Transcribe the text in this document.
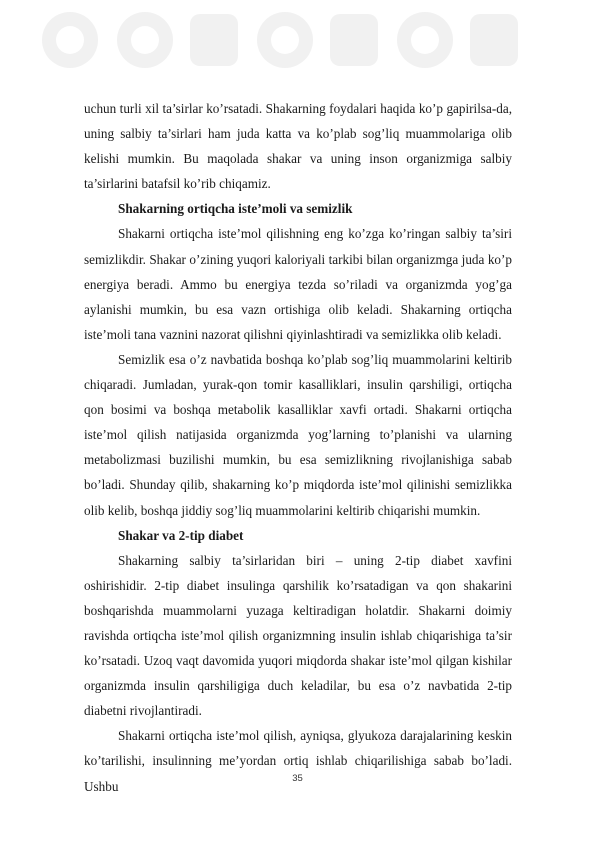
uchun turli xil ta’sirlar ko’rsatadi. Shakarning foydalari haqida ko’p gapirilsa-da, uning salbiy ta’sirlari ham juda katta va ko’plab sog’liq muammolariga olib kelishi mumkin. Bu maqolada shakar va uning inson organizmiga salbiy ta’sirlarini batafsil ko’rib chiqamiz.

Shakarning ortiqcha iste’moli va semizlik

Shakarni ortiqcha iste’mol qilishning eng ko’zga ko’ringan salbiy ta’siri semizlikdir. Shakar o’zining yuqori kaloriyali tarkibi bilan organizmga juda ko’p energiya beradi. Ammo bu energiya tezda so’riladi va organizmda yog’ga aylanishi mumkin, bu esa vazn ortishiga olib keladi. Shakarning ortiqcha iste’moli tana vaznini nazorat qilishni qiyinlashtiradi va semizlikka olib keladi.

Semizlik esa o’z navbatida boshqa ko’plab sog’liq muammolarini keltirib chiqaradi. Jumladan, yurak-qon tomir kasalliklari, insulin qarshiligi, ortiqcha qon bosimi va boshqa metabolik kasalliklar xavfi ortadi. Shakarni ortiqcha iste’mol qilish natijasida organizmda yog’larning to’planishi va ularning metabolizmasi buzilishi mumkin, bu esa semizlikning rivojlanishiga sabab bo’ladi. Shunday qilib, shakarning ko’p miqdorda iste’mol qilinishi semizlikka olib kelib, boshqa jiddiy sog’liq muammolarini keltirib chiqarishi mumkin.

Shakar va 2-tip diabet

Shakarning salbiy ta’sirlaridan biri – uning 2-tip diabet xavfini oshirishidir. 2-tip diabet insulinga qarshilik ko’rsatadigan va qon shakarini boshqarishda muammolarni yuzaga keltiradigan holatdir. Shakarni doimiy ravishda ortiqcha iste’mol qilish organizmning insulin ishlab chiqarishiga ta’sir ko’rsatadi. Uzoq vaqt davomida yuqori miqdorda shakar iste’mol qilgan kishilar organizmda insulin qarshiligiga duch keladilar, bu esa o’z navbatida 2-tip diabetni rivojlantiradi.

Shakarni ortiqcha iste’mol qilish, ayniqsa, glyukoza darajalarining keskin ko’tarilishi, insulinning me’yordan ortiq ishlab chiqarilishiga sabab bo’ladi. Ushbu

35
